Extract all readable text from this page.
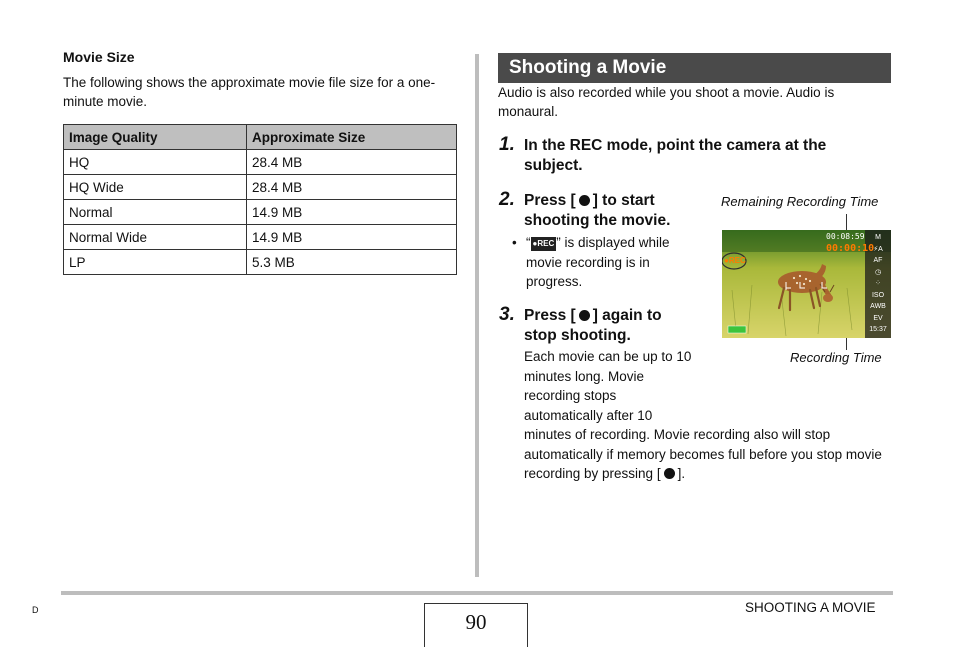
Movie Size
The following shows the approximate movie file size for a one-minute movie.
Image Quality	Approximate Size
HQ	28.4 MB
HQ Wide	28.4 MB
Normal	14.9 MB
Normal Wide	14.9 MB
LP	5.3 MB
Shooting a Movie
Audio is also recorded while you shoot a movie. Audio is monaural.
1. In the REC mode, point the camera at the
subject.
2. Press [ ] to start
shooting the movie.
• “ ●REC ” is displayed while movie recording is in progress.
3. Press [ ] again to
stop shooting.
Each movie can be up to 10
minutes long. Movie
recording stops
automatically after 10
minutes of recording. Movie recording also will stop
automatically if memory becomes full before you stop movie
recording by pressing [ ].
Remaining Recording Time
Recording Time
00:08:59
00:00:10
●REC
M
⚡A
AF
◷
⁘
ISO
AWB
EV
15:37
D	90
SHOOTING A MOVIE
